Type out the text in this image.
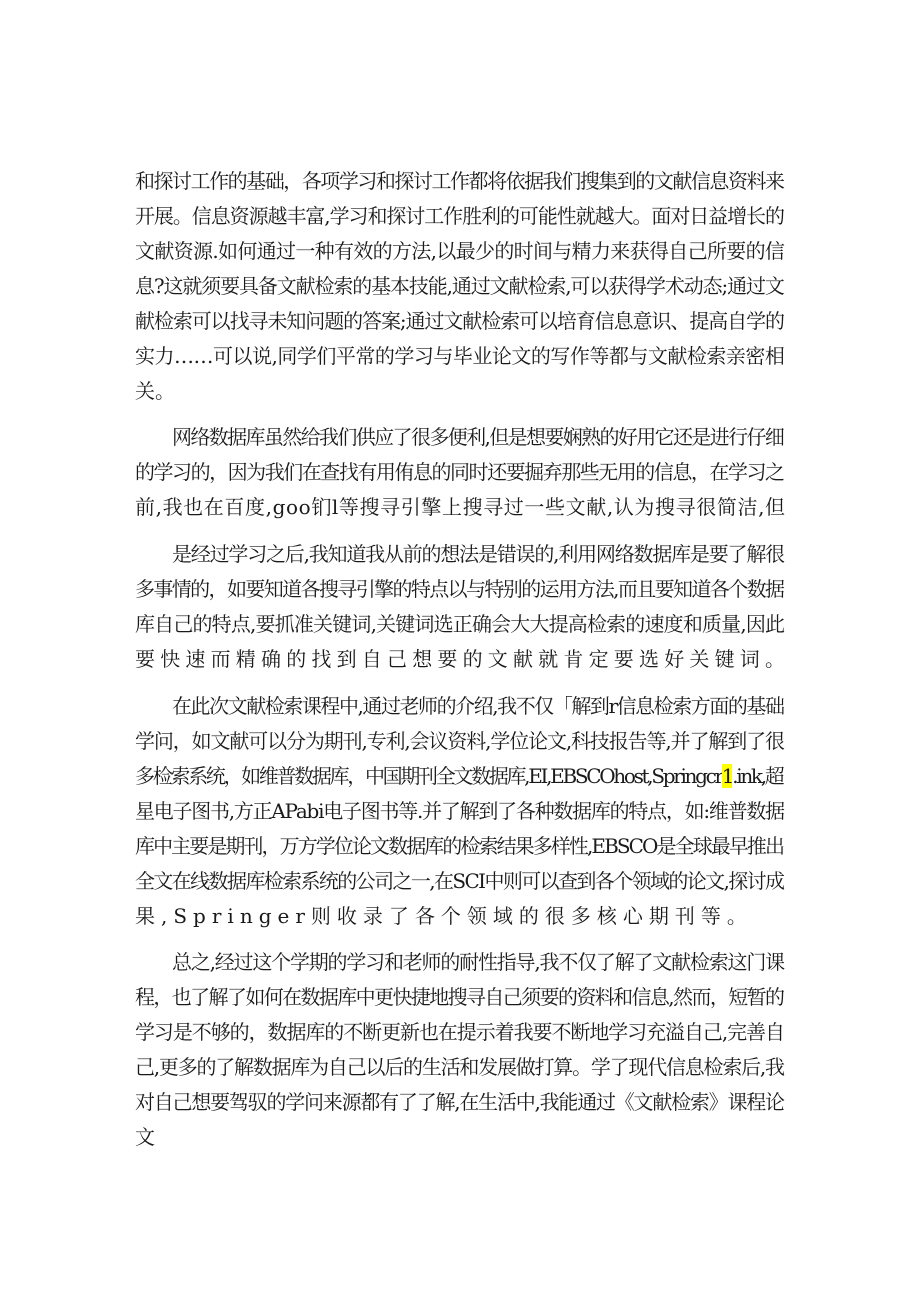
和探讨工作的基础，各项学习和探讨工作都将依据我们搜集到的文献信息资料来
开展。信息资源越丰富,学习和探讨工作胜利的可能性就越大。面对日益增长的
文献资源.如何通过一种有效的方法,以最少的时间与精力来获得自己所要的信
息?这就须要具备文献检索的基本技能,通过文献检索,可以获得学术动态;通过文
献检索可以找寻未知问题的答案;通过文献检索可以培育信息意识、提高自学的
实力……可以说,同学们平常的学习与毕业论文的写作等都与文献检索亲密相
关。
网络数据库虽然给我们供应了很多便利,但是想要娴熟的好用它还是进行仔细
的学习的，因为我们在查找有用侑息的同时还要掘弃那些无用的信息，在学习之
前,我也在百度,goo钔l等搜寻引擎上搜寻过一些文献,认为搜寻很简洁,但
是经过学习之后,我知道我从前的想法是错误的,利用网络数据库是要了解很
多事情的，如要知道各搜寻引擎的特点以与特别的运用方法,而且要知道各个数据
库自己的特点,要抓准关键词,关键词选正确会大大提高检索的速度和质量,因此
要快速而精确的找到自己想要的文献就肯定要选好关键词。
在此次文献检索课程中,通过老师的介绍,我不仅「解到r信息检索方面的基础
学问，如文献可以分为期刊,专利,会议资料,学位论文,科技报告等,并了解到了很
多检索系统，如维普数据库，中国期刊全文数据库,EI,EBSCOhost,Springcr1.ink,超
星电子图书,方正APabi电子图书等.并了解到了各种数据库的特点，如:维普数据
库中主要是期刊，万方学位论文数据库的检索结果多样性,EBSCO是全球最早推出
全文在线数据库检索系统的公司之一,在SCI中则可以查到各个领域的论文,探讨成
果,Springer则收录了各个领域的很多核心期刊等。
总之,经过这个学期的学习和老师的耐性指导,我不仅了解了文献检索这门课
程，也了解了如何在数据库中更快捷地搜寻自己须要的资料和信息,然而，短暂的
学习是不够的，数据库的不断更新也在提示着我要不断地学习充溢自己,完善自
己,更多的了解数据库为自己以后的生活和发展做打算。学了现代信息检索后,我
对自己想要驾驭的学问来源都有了了解,在生活中,我能通过《文献检索》课程论
文
